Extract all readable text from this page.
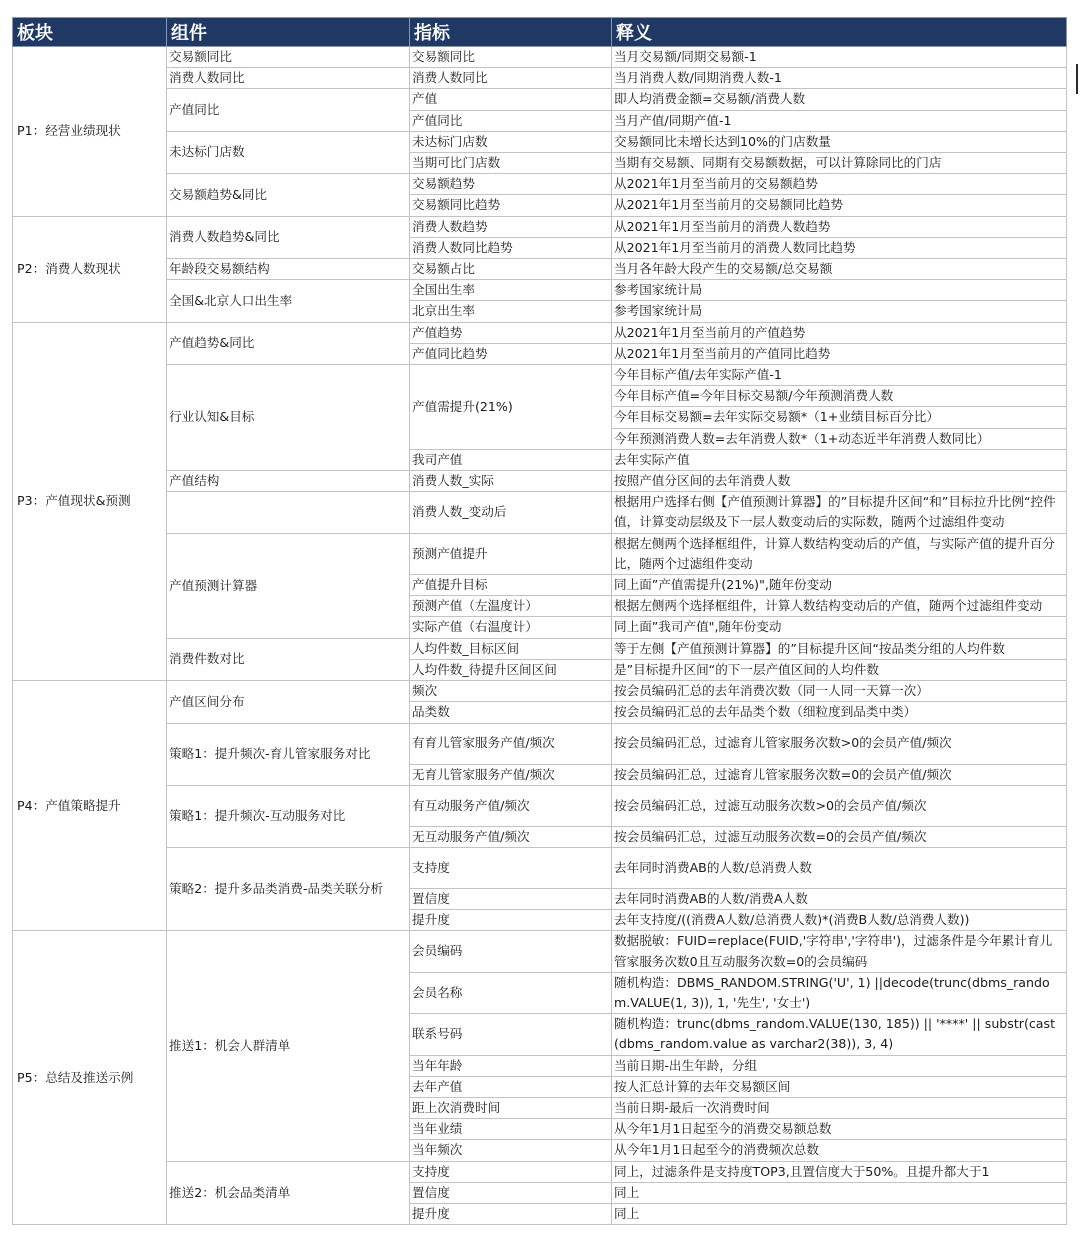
板块	组件	指标	释义
P1：经营业绩现状	交易额同比	交易额同比	当月交易额/同期交易额-1
	消费人数同比	消费人数同比	当月消费人数/同期消费人数-1
	产值同比	产值	即人均消费金额=交易额/消费人数
		产值同比	当月产值/同期产值-1
	未达标门店数	未达标门店数	交易额同比未增长达到10%的门店数量
		当期可比门店数	当期有交易额、同期有交易额数据，可以计算除同比的门店
	交易额趋势&同比	交易额趋势	从2021年1月至当前月的交易额趋势
		交易额同比趋势	从2021年1月至当前月的交易额同比趋势
P2：消费人数现状	消费人数趋势&同比	消费人数趋势	从2021年1月至当前月的消费人数趋势
		消费人数同比趋势	从2021年1月至当前月的消费人数同比趋势
	年龄段交易额结构	交易额占比	当月各年龄大段产生的交易额/总交易额
	全国&北京人口出生率	全国出生率	参考国家统计局
		北京出生率	参考国家统计局
P3：产值现状&预测	产值趋势&同比	产值趋势	从2021年1月至当前月的产值趋势
		产值同比趋势	从2021年1月至当前月的产值同比趋势
	行业认知&目标	产值需提升(21%)	今年目标产值/去年实际产值-1
			今年目标产值=今年目标交易额/今年预测消费人数
			今年目标交易额=去年实际交易额*（1+业绩目标百分比）
			今年预测消费人数=去年消费人数*（1+动态近半年消费人数同比）
		我司产值	去年实际产值
	产值结构	消费人数_实际	按照产值分区间的去年消费人数
		消费人数_变动后	根据用户选择右侧【产值预测计算器】的”目标提升区间“和”目标拉升比例“控件值，计算变动层级及下一层人数变动后的实际数，随两个过滤组件变动
	产值预测计算器	预测产值提升	根据左侧两个选择框组件，计算人数结构变动后的产值，与实际产值的提升百分比，随两个过滤组件变动
		产值提升目标	同上面”产值需提升(21%)",随年份变动
		预测产值（左温度计）	根据左侧两个选择框组件，计算人数结构变动后的产值，随两个过滤组件变动
		实际产值（右温度计）	同上面”我司产值",随年份变动
	消费件数对比	人均件数_目标区间	等于左侧【产值预测计算器】的”目标提升区间“按品类分组的人均件数
		人均件数_待提升区间区间	是”目标提升区间“的下一层产值区间的人均件数
P4：产值策略提升	产值区间分布	频次	按会员编码汇总的去年消费次数（同一人同一天算一次）
		品类数	按会员编码汇总的去年品类个数（细粒度到品类中类）
	策略1：提升频次-育儿管家服务对比	有育儿管家服务产值/频次	按会员编码汇总，过滤育儿管家服务次数>0的会员产值/频次
		无育儿管家服务产值/频次	按会员编码汇总，过滤育儿管家服务次数=0的会员产值/频次
	策略1：提升频次-互动服务对比	有互动服务产值/频次	按会员编码汇总，过滤互动服务次数>0的会员产值/频次
		无互动服务产值/频次	按会员编码汇总，过滤互动服务次数=0的会员产值/频次
	策略2：提升多品类消费-品类关联分析	支持度	去年同时消费AB的人数/总消费人数
		置信度	去年同时消费AB的人数/消费A人数
		提升度	去年支持度/((消费A人数/总消费人数)*(消费B人数/总消费人数))
P5：总结及推送示例	推送1：机会人群清单	会员编码	数据脱敏：FUID=replace(FUID,'字符串','字符串')，过滤条件是今年累计育儿管家服务次数0且互动服务次数=0的会员编码
		会员名称	随机构造：DBMS_RANDOM.STRING('U', 1) ||decode(trunc(dbms_random.VALUE(1, 3)), 1, '先生', '女士')
		联系号码	随机构造：trunc(dbms_random.VALUE(130, 185)) || '****' || substr(cast(dbms_random.value as varchar2(38)), 3, 4)
		当年年龄	当前日期-出生年龄，分组
		去年产值	按人汇总计算的去年交易额区间
		距上次消费时间	当前日期-最后一次消费时间
		当年业绩	从今年1月1日起至今的消费交易额总数
		当年频次	从今年1月1日起至今的消费频次总数
	推送2：机会品类清单	支持度	同上，过滤条件是支持度TOP3,且置信度大于50%。且提升都大于1
		置信度	同上
		提升度	同上
